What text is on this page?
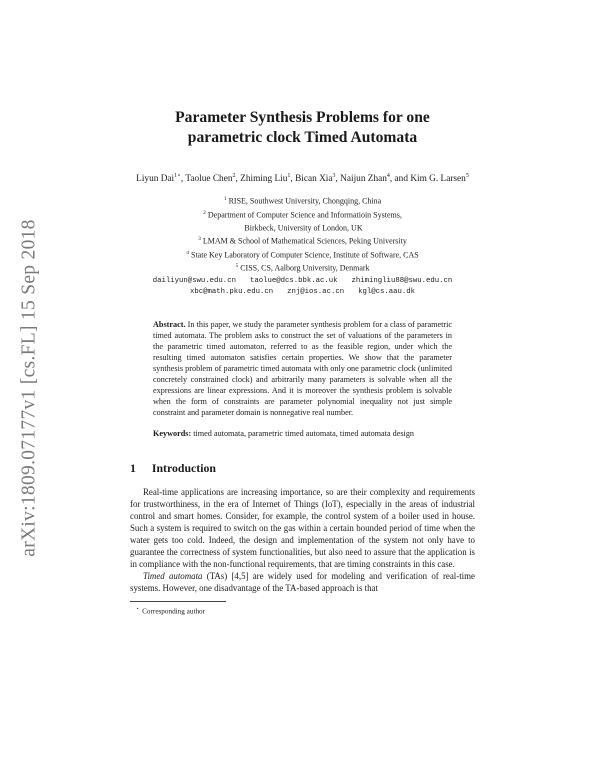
arXiv:1809.07177v1 [cs.FL] 15 Sep 2018
Parameter Synthesis Problems for one
parametric clock Timed Automata
Liyun Dai$^{1⋆}$, Taolue Chen$^2$, Zhiming Liu$^1$, Bican Xia$^3$, Naijun Zhan$^4$, and Kim G. Larsen$^5$
$^1$ RISE, Southwest University, Chongqing, China
$^2$ Department of Computer Science and Informatioin Systems,
Birkbeck, University of London, UK
$^3$ LMAM & School of Mathematical Sciences, Peking University
$^4$ State Key Laboratory of Computer Science, Institute of Software, CAS
$^5$ CISS, CS, Aalborg University, Denmark
dailiyun@swu.edu.cn taolue@dcs.bbk.ac.uk zhimingliu88@swu.edu.cn
xbc@math.pku.edu.cn znj@ios.ac.cn kgl@cs.aau.dk
Abstract. In this paper, we study the parameter synthesis problem for a class of parametric timed automata. The problem asks to construct the set of valuations of the parameters in the parametric timed automaton, referred to as the feasible region, under which the resulting timed automaton satisfies certain properties. We show that the parameter synthesis problem of parametric timed automata with only one parametric clock (unlimited concretely constrained clock) and arbitrarily many parameters is solvable when all the expressions are linear expressions. And it is moreover the synthesis problem is solvable when the form of constraints are parameter polynomial inequality not just simple constraint and parameter domain is nonnegative real number.
Keywords: timed automata, parametric timed automata, timed automata design
1 Introduction

Real-time applications are increasing importance, so are their complexity and requirements for trustworthiness, in the era of Internet of Things (IoT), especially in the areas of industrial control and smart homes. Consider, for example, the control system of a boiler used in house. Such a system is required to switch on the gas within a certain bounded period of time when the water gets too cold. Indeed, the design and implementation of the system not only have to guarantee the correctness of system functionalities, but also need to assure that the application is in compliance with the non-functional requirements, that are timing constraints in this case.

Timed automata (TAs) [4,5] are widely used for modeling and verification of real-time systems. However, one disadvantage of the TA-based approach is that

⋆ Corresponding author
